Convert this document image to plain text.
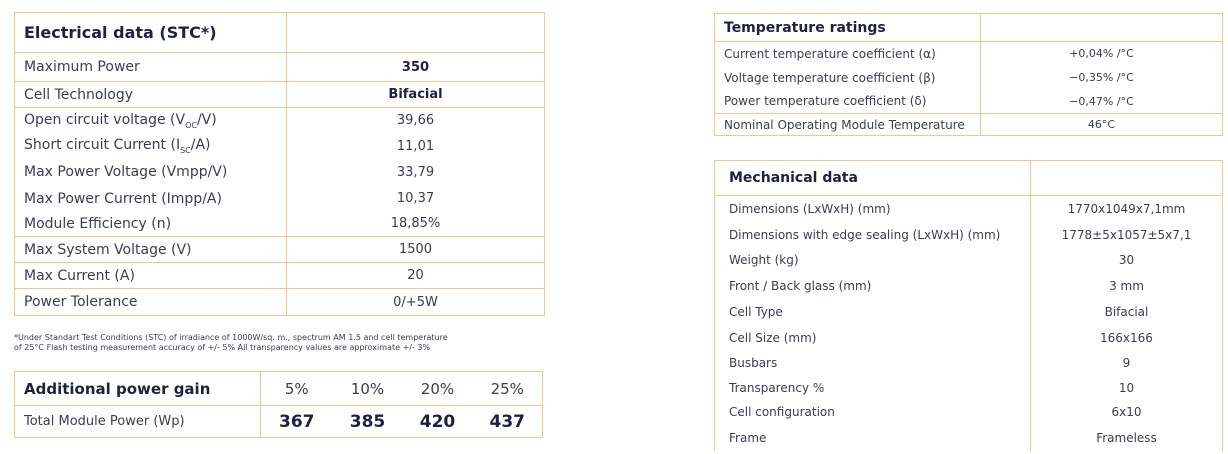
Electrical data (STC*)	
Maximum Power	350
Cell Technology	Bifacial
Open circuit voltage $(V_{OC}/V)$	39,66
Short circuit Current $(I_{SC}/A)$	11,01
Max Power Voltage (Vmpp/V)	33,79
Max Power Current (Impp/A)	10,37
Module Efficiency (n)	18,85%
Max System Voltage (V)	1500
Max Current (A)	20
Power Tolerance	0/+5W
*Under Standart Test Conditions (STC) of irradiance of 1000W/sq. m., spectrum AM 1.5 and cell temperature
of 25°C Flash testing measurement accuracy of +/- 5% All transparency values are approximate +/- 3%
Additional power gain	5%	10%	20%	25%
Total Module Power (Wp)	367	385	420	437
Temperature ratings	
Current temperature coefficient (α)	+0,04% /°C
Voltage temperature coefficient (β)	−0,35% /°C
Power temperature coefficient (δ)	−0,47% /°C
Nominal Operating Module Temperature	46°C
Mechanical data	
Dimensions (LxWxH) (mm)	1770x1049x7,1mm
Dimensions with edge sealing (LxWxH) (mm)	1778±5x1057±5x7,1
Weight (kg)	30
Front / Back glass (mm)	3 mm
Cell Type	Bifacial
Cell Size (mm)	166x166
Busbars	9
Transparency %	10
Cell configuration	6x10
Frame	Frameless
